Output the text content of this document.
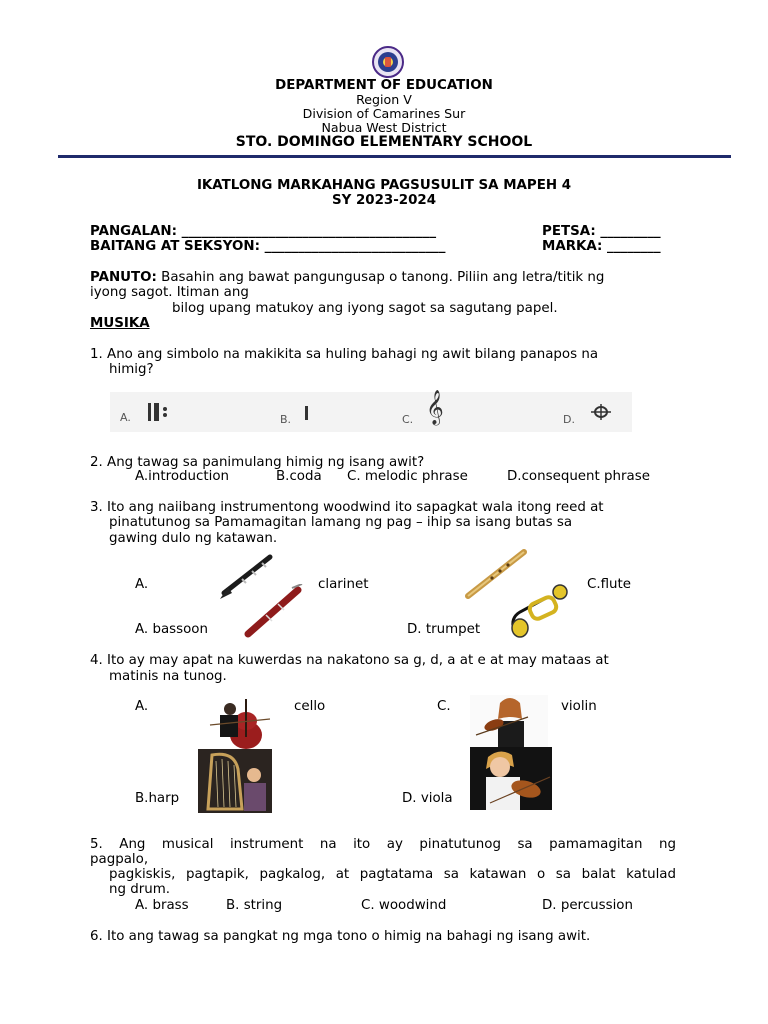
DEPARTMENT OF EDUCATION
Region V
Division of Camarines Sur
Nabua West District
STO. DOMINGO ELEMENTARY SCHOOL
IKATLONG MARKAHANG PAGSUSULIT SA MAPEH 4
SY 2023-2024
PANGALAN: ______________________________________	PETSA: _________
BAITANG AT SEKSYON: ___________________________	MARKA: ________
PANUTO: Basahin ang bawat pangungusap o tanong. Piliin ang letra/titik ng
iyong sagot. Itiman ang
bilog upang matukoy ang iyong sagot sa sagutang papel.
MUSIKA
1. Ano ang simbolo na makikita sa huling bahagi ng awit bilang panapos na
himig?
A.	B.	C. 𝄞	D.
2. Ang tawag sa panimulang himig ng isang awit?
A.introduction	B.coda C. melodic phrase	D.consequent phrase
3. Ito ang naiibang instrumentong woodwind ito sapagkat wala itong reed at
pinatutunog sa Pamamagitan lamang ng pag – ihip sa isang butas sa
gawing dulo ng katawan.
A.	clarinet	C.flute
A. bassoon	D. trumpet
4. Ito ay may apat na kuwerdas na nakatono sa g, d, a at e at may mataas at
matinis na tunog.
A.	cello	C.	violin
B.harp	D. viola
5. Ang musical instrument na ito ay pinatutunog sa pamamagitan ng
pagpalo,
pagkiskis, pagtapik, pagkalog, at pagtatama sa katawan o sa balat katulad
ng drum.
A. brass	B. string	C. woodwind	D. percussion
6. Ito ang tawag sa pangkat ng mga tono o himig na bahagi ng isang awit.
